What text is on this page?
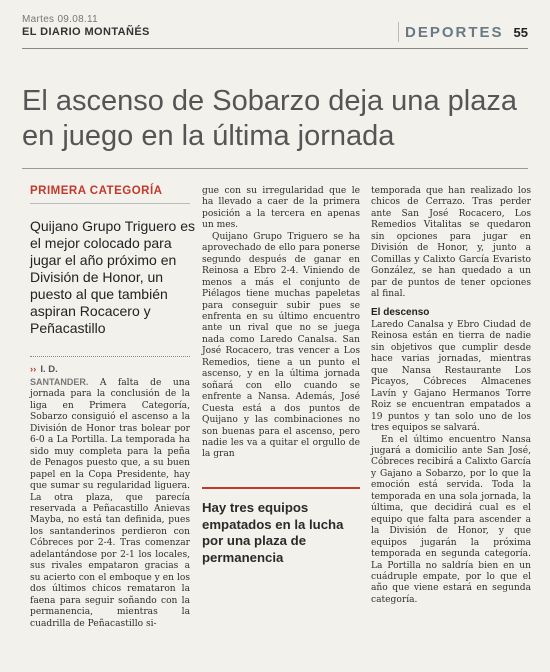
Martes 09.08.11
EL DIARIO MONTAÑÉS	DEPORTES 55
El ascenso de Sobarzo deja una plaza en juego en la última jornada
PRIMERA CATEGORÍA
Quijano Grupo Triguero es el mejor colocado para jugar el año próximo en División de Honor, un puesto al que también aspiran Rocacero y Peñacastillo
›› I. D.

SANTANDER. A falta de una jornada para la conclusión de la liga en Primera Categoría, Sobarzo consiguió el ascenso a la División de Honor tras bolear por 6-0 a La Portilla. La temporada ha sido muy completa para la peña de Penagos puesto que, a su buen papel en la Copa Presidente, hay que sumar su regularidad liguera. La otra plaza, que parecía reservada a Peñacastillo Anievas Mayba, no está tan definida, pues los santanderinos perdieron con Cóbreces por 2-4. Tras comenzar adelantándose por 2-1 los locales, sus rivales empataron gracias a su acierto con el emboque y en los dos últimos chicos remataron la faena para seguir soñando con la permanencia, mientras la cuadrilla de Peñacastillo si-

gue con su irregularidad que le ha llevado a caer de la primera posición a la tercera en apenas un mes.

Quijano Grupo Triguero se ha aprovechado de ello para ponerse segundo después de ganar en Reinosa a Ebro 2-4. Viniendo de menos a más el conjunto de Piélagos tiene muchas papeletas para conseguir subir pues se enfrenta en su último encuentro ante un rival que no se juega nada como Laredo Canalsa. San José Rocacero, tras vencer a Los Remedios, tiene a un punto el ascenso, y en la última jornada soñará con ello cuando se enfrente a Nansa. Además, José Cuesta está a dos puntos de Quijano y las combinaciones no son buenas para el ascenso, pero nadie les va a quitar el orgullo de la gran

Hay tres equipos empatados en la lucha por una plaza de permanencia

temporada que han realizado los chicos de Cerrazo. Tras perder ante San José Rocacero, Los Remedios Vitalitas se quedaron sin opciones para jugar en División de Honor, y, junto a Comillas y Calixto García Evaristo González, se han quedado a un par de puntos de tener opciones al final.

El descenso

Laredo Canalsa y Ebro Ciudad de Reinosa están en tierra de nadie sin objetivos que cumplir desde hace varias jornadas, mientras que Nansa Restaurante Los Picayos, Cóbreces Almacenes Lavín y Gajano Hermanos Torre Roiz se encuentran empatados a 19 puntos y tan solo uno de los tres equipos se salvará.

En el último encuentro Nansa jugará a domicilio ante San José, Cóbreces recibirá a Calixto García y Gajano a Sobarzo, por lo que la emoción está servida. Toda la temporada en una sola jornada, la última, que decidirá cual es el equipo que falta para ascender a la División de Honor, y que equipos jugarán la próxima temporada en segunda categoría. La Portilla no saldría bien en un cuádruple empate, por lo que el año que viene estará en segunda categoría.
